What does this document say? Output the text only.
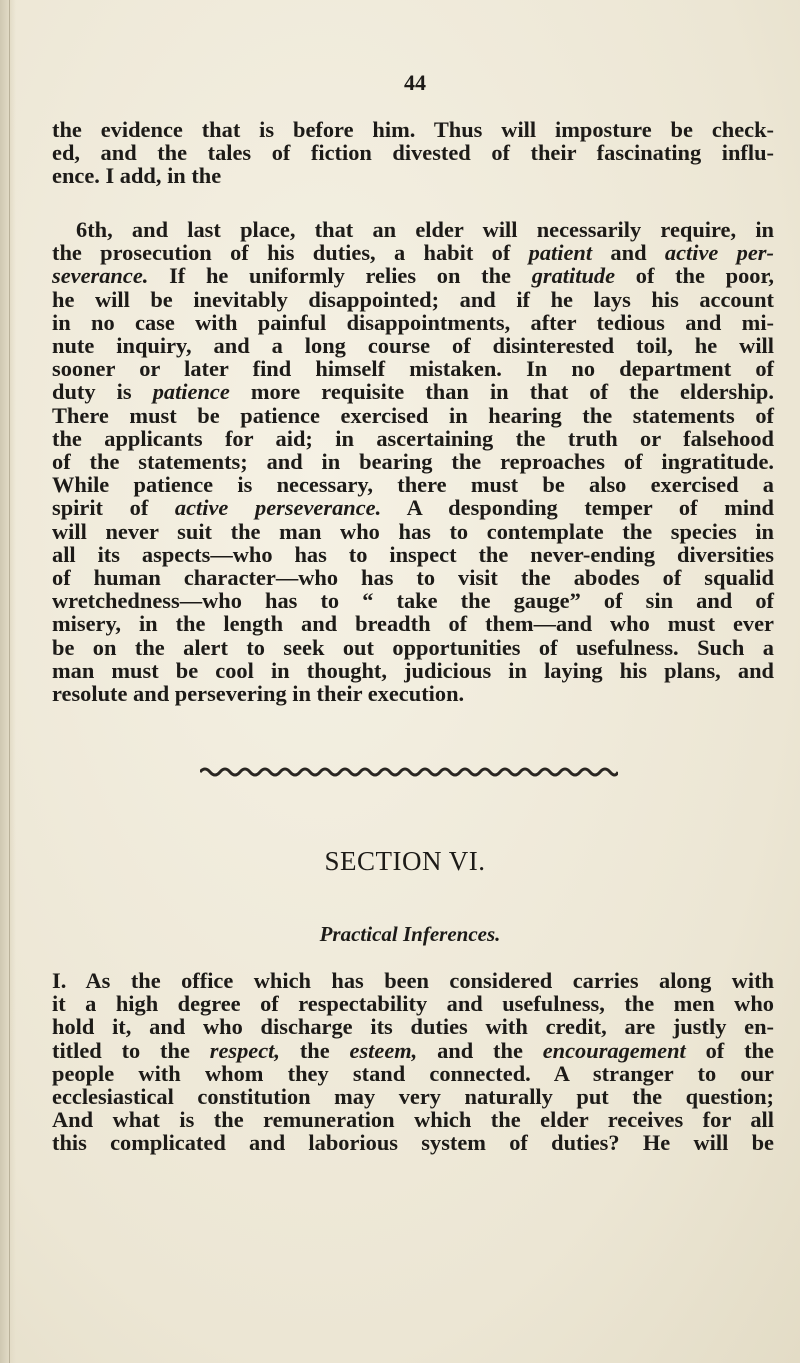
44
the evidence that is before him. Thus will imposture be check-
ed, and the tales of fiction divested of their fascinating influ-
ence. I add, in the
6th, and last place, that an elder will necessarily require, in
the prosecution of his duties, a habit of patient and active per-
severance. If he uniformly relies on the gratitude of the poor,
he will be inevitably disappointed; and if he lays his account
in no case with painful disappointments, after tedious and mi-
nute inquiry, and a long course of disinterested toil, he will
sooner or later find himself mistaken. In no department of
duty is patience more requisite than in that of the eldership.
There must be patience exercised in hearing the statements of
the applicants for aid; in ascertaining the truth or falsehood
of the statements; and in bearing the reproaches of ingratitude.
While patience is necessary, there must be also exercised a
spirit of active perseverance. A desponding temper of mind
will never suit the man who has to contemplate the species in
all its aspects—who has to inspect the never-ending diversities
of human character—who has to visit the abodes of squalid
wretchedness—who has to “ take the gauge” of sin and of
misery, in the length and breadth of them—and who must ever
be on the alert to seek out opportunities of usefulness. Such a
man must be cool in thought, judicious in laying his plans, and
resolute and persevering in their execution.
SECTION VI.
Practical Inferences.
I. As the office which has been considered carries along with
it a high degree of respectability and usefulness, the men who
hold it, and who discharge its duties with credit, are justly en-
titled to the respect, the esteem, and the encouragement of the
people with whom they stand connected. A stranger to our
ecclesiastical constitution may very naturally put the question;
And what is the remuneration which the elder receives for all
this complicated and laborious system of duties? He will be
